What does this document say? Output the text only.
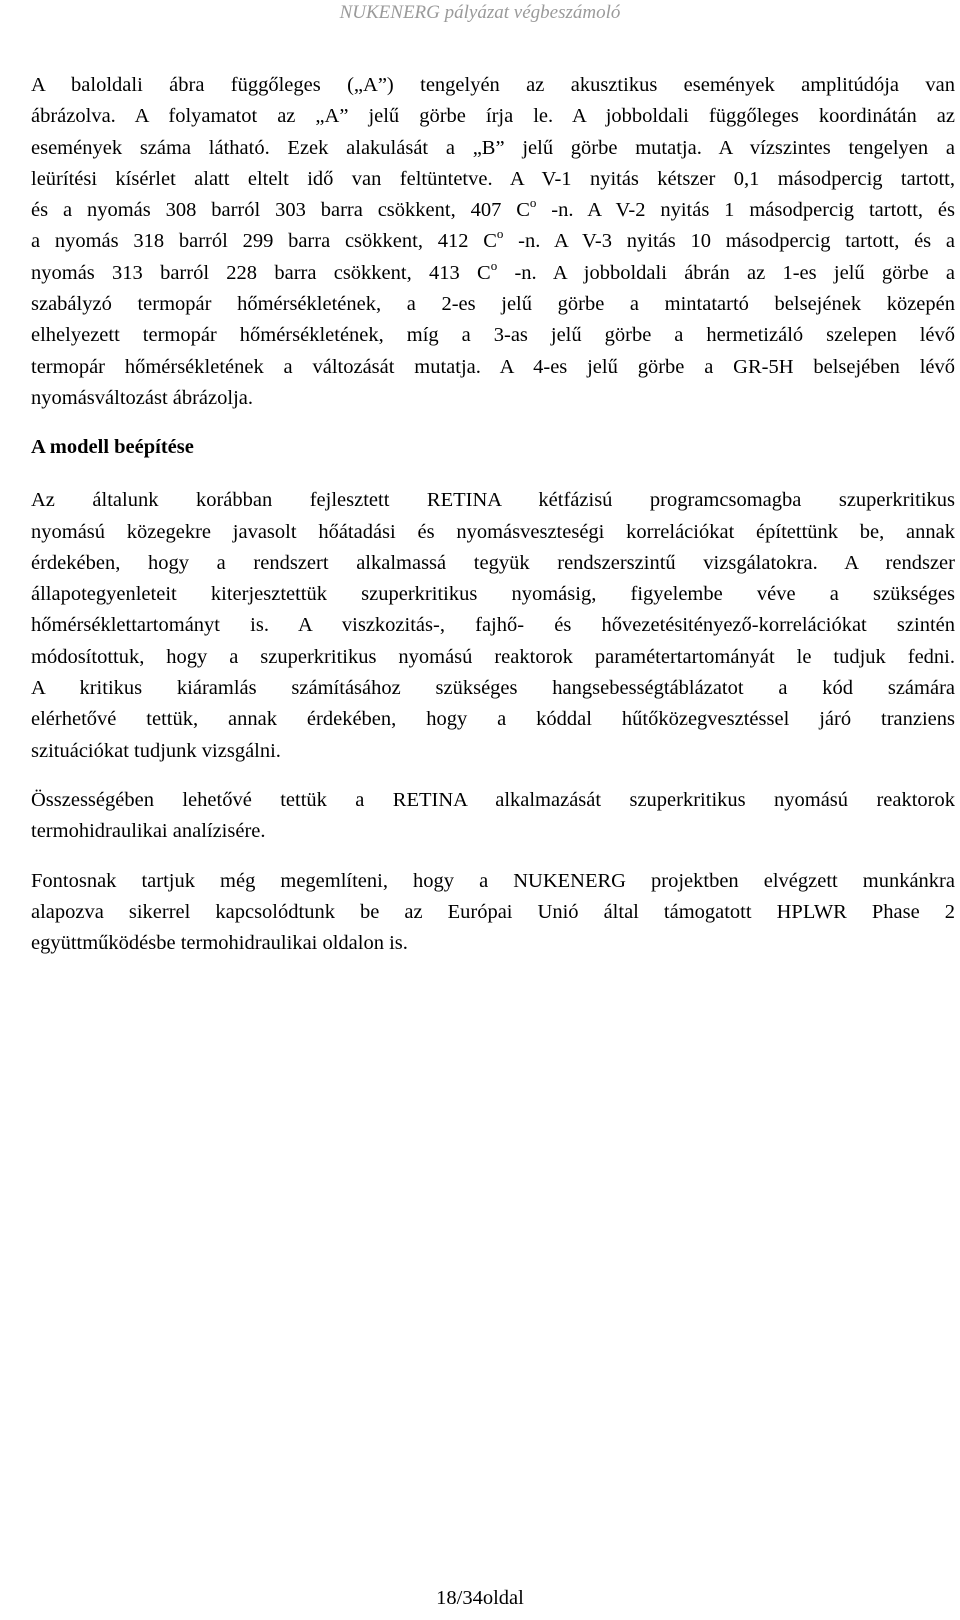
NUKENERG pályázat végbeszámoló

A baloldali ábra függőleges („A”) tengelyén az akusztikus események amplitúdója van
ábrázolva. A folyamatot az „A” jelű görbe írja le. A jobboldali függőleges koordinátán az
események száma látható. Ezek alakulását a „B” jelű görbe mutatja. A vízszintes tengelyen a
leürítési kísérlet alatt eltelt idő van feltüntetve. A V-1 nyitás kétszer 0,1 másodpercig tartott,
és a nyomás 308 barról 303 barra csökkent, 407 $C^o$ -n. A V-2 nyitás 1 másodpercig tartott, és
a nyomás 318 barról 299 barra csökkent, 412 $C^o$ -n. A V-3 nyitás 10 másodpercig tartott, és a
nyomás 313 barról 228 barra csökkent, 413 $C^o$ -n. A jobboldali ábrán az 1-es jelű görbe a
szabályzó termopár hőmérsékletének, a 2-es jelű görbe a mintatartó belsejének közepén
elhelyezett termopár hőmérsékletének, míg a 3-as jelű görbe a hermetizáló szelepen lévő
termopár hőmérsékletének a változását mutatja. A 4-es jelű görbe a GR-5H belsejében lévő
nyomásváltozást ábrázolja.

A modell beépítése

Az általunk korábban fejlesztett RETINA kétfázisú programcsomagba szuperkritikus
nyomású közegekre javasolt hőátadási és nyomásveszteségi korrelációkat építettünk be, annak
érdekében, hogy a rendszert alkalmassá tegyük rendszerszintű vizsgálatokra. A rendszer
állapotegyenleteit kiterjesztettük szuperkritikus nyomásig, figyelembe véve a szükséges
hőmérséklettartományt is. A viszkozitás-, fajhő- és hővezetésitényező-korrelációkat szintén
módosítottuk, hogy a szuperkritikus nyomású reaktorok paramétertartományát le tudjuk fedni.
A kritikus kiáramlás számításához szükséges hangsebességtáblázatot a kód számára
elérhetővé tettük, annak érdekében, hogy a kóddal hűtőközegvesztéssel járó tranziens
szituációkat tudjunk vizsgálni.

Összességében lehetővé tettük a RETINA alkalmazását szuperkritikus nyomású reaktorok
termohidraulikai analízisére.

Fontosnak tartjuk még megemlíteni, hogy a NUKENERG projektben elvégzett munkánkra
alapozva sikerrel kapcsolódtunk be az Európai Unió által támogatott HPLWR Phase 2
együttműködésbe termohidraulikai oldalon is.

18/34oldal
